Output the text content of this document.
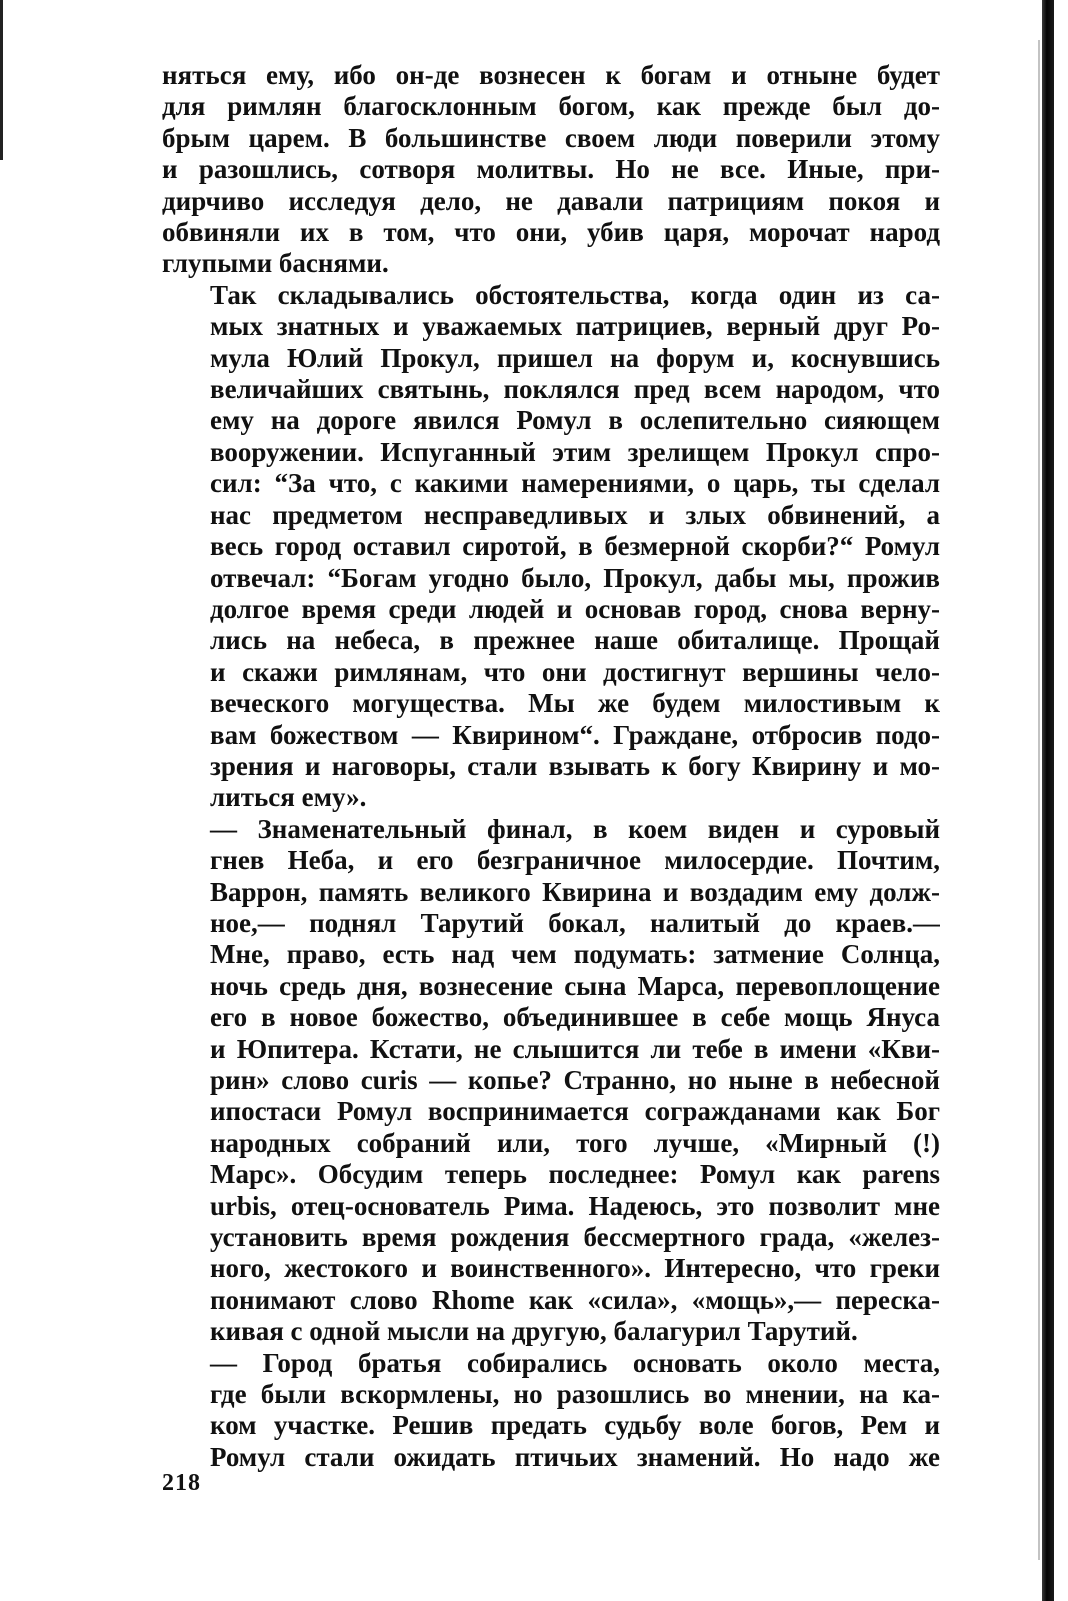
няться ему, ибо он-де вознесен к богам и отныне будет
для римлян благосклонным богом, как прежде был до-
брым царем. В большинстве своем люди поверили этому
и разошлись, сотворя молитвы. Но не все. Иные, при-
дирчиво исследуя дело, не давали патрициям покоя и
обвиняли их в том, что они, убив царя, морочат народ
глупыми баснями.

Так складывались обстоятельства, когда один из са-
мых знатных и уважаемых патрициев, верный друг Ро-
мула Юлий Прокул, пришел на форум и, коснувшись
величайших святынь, поклялся пред всем народом, что
ему на дороге явился Ромул в ослепительно сияющем
вооружении. Испуганный этим зрелищем Прокул спро-
сил: “За что, с какими намерениями, о царь, ты сделал
нас предметом несправедливых и злых обвинений, а
весь город оставил сиротой, в безмерной скорби?“ Ромул
отвечал: “Богам угодно было, Прокул, дабы мы, прожив
долгое время среди людей и основав город, снова верну-
лись на небеса, в прежнее наше обиталище. Прощай
и скажи римлянам, что они достигнут вершины чело-
веческого могущества. Мы же будем милостивым к
вам божеством — Квирином“. Граждане, отбросив подо-
зрения и наговоры, стали взывать к богу Квирину и мо-
литься ему».

— Знаменательный финал, в коем виден и суровый
гнев Неба, и его безграничное милосердие. Почтим,
Варрон, память великого Квирина и воздадим ему долж-
ное,— поднял Тарутий бокал, налитый до краев.—
Мне, право, есть над чем подумать: затмение Солнца,
ночь средь дня, вознесение сына Марса, перевоплощение
его в новое божество, объединившее в себе мощь Януса
и Юпитера. Кстати, не слышится ли тебе в имени «Кви-
рин» слово curis — копье? Странно, но ныне в небесной
ипостаси Ромул воспринимается согражданами как Бог
народных собраний или, того лучше, «Мирный (!)
Марс». Обсудим теперь последнее: Ромул как parens
urbis, отец-основатель Рима. Надеюсь, это позволит мне
установить время рождения бессмертного града, «желез-
ного, жестокого и воинственного». Интересно, что греки
понимают слово Rhome как «сила», «мощь»,— переска-
кивая с одной мысли на другую, балагурил Тарутий.

— Город братья собирались основать около места,
где были вскормлены, но разошлись во мнении, на ка-
ком участке. Решив предать судьбу воле богов, Рем и
Ромул стали ожидать птичьих знамений. Но надо же

218
